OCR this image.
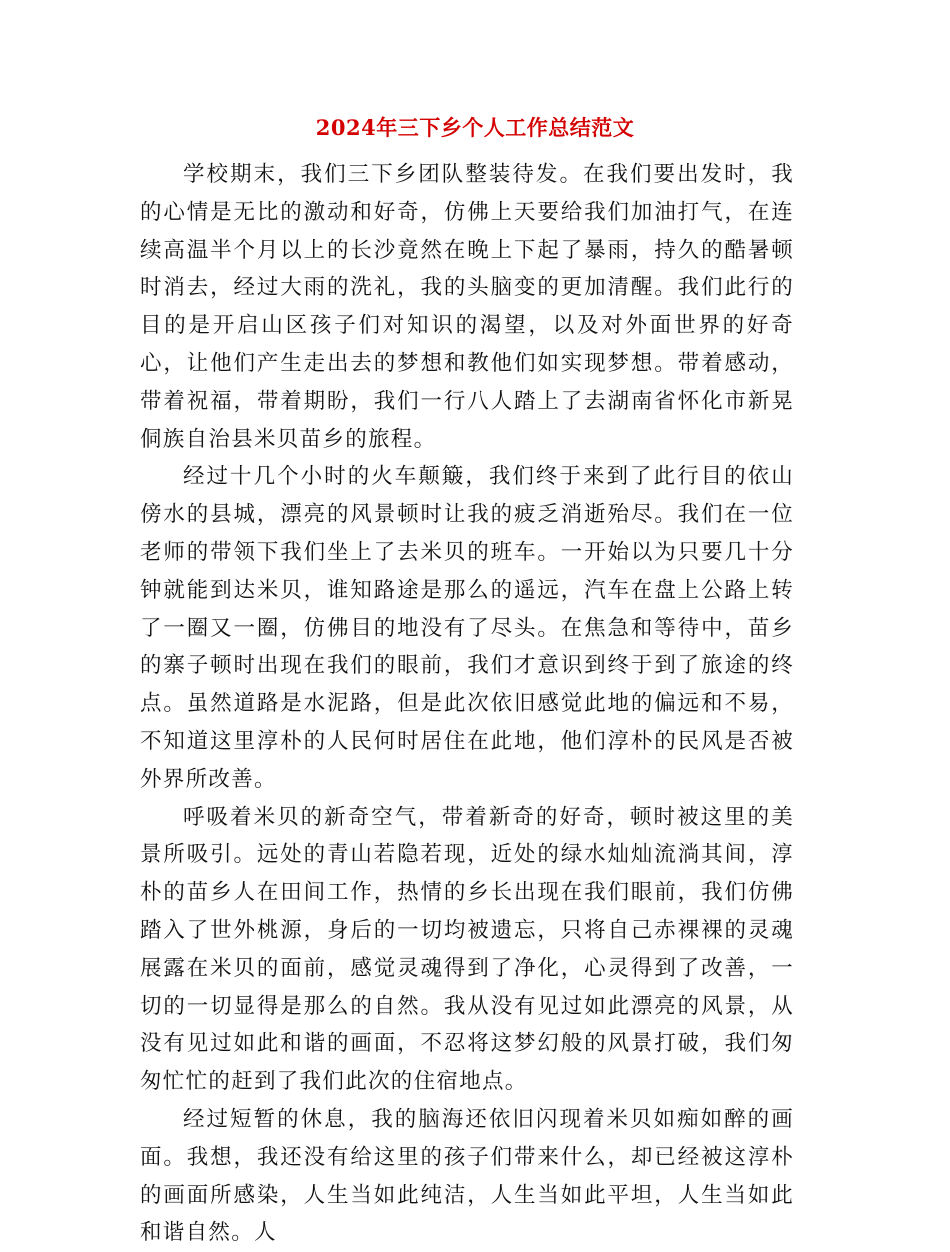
2024年三下乡个人工作总结范文

学校期末，我们三下乡团队整装待发。在我们要出发时，我的心情是无比的激动和好奇，仿佛上天要给我们加油打气，在连续高温半个月以上的长沙竟然在晚上下起了暴雨，持久的酷暑顿时消去，经过大雨的洗礼，我的头脑变的更加清醒。我们此行的目的是开启山区孩子们对知识的渴望，以及对外面世界的好奇心，让他们产生走出去的梦想和教他们如实现梦想。带着感动，带着祝福，带着期盼，我们一行八人踏上了去湖南省怀化市新晃侗族自治县米贝苗乡的旅程。

经过十几个小时的火车颠簸，我们终于来到了此行目的依山傍水的县城，漂亮的风景顿时让我的疲乏消逝殆尽。我们在一位老师的带领下我们坐上了去米贝的班车。一开始以为只要几十分钟就能到达米贝，谁知路途是那么的遥远，汽车在盘上公路上转了一圈又一圈，仿佛目的地没有了尽头。在焦急和等待中，苗乡的寨子顿时出现在我们的眼前，我们才意识到终于到了旅途的终点。虽然道路是水泥路，但是此次依旧感觉此地的偏远和不易，不知道这里淳朴的人民何时居住在此地，他们淳朴的民风是否被外界所改善。

呼吸着米贝的新奇空气，带着新奇的好奇，顿时被这里的美景所吸引。远处的青山若隐若现，近处的绿水灿灿流淌其间，淳朴的苗乡人在田间工作，热情的乡长出现在我们眼前，我们仿佛踏入了世外桃源，身后的一切均被遗忘，只将自己赤裸裸的灵魂展露在米贝的面前，感觉灵魂得到了净化，心灵得到了改善，一切的一切显得是那么的自然。我从没有见过如此漂亮的风景，从没有见过如此和谐的画面，不忍将这梦幻般的风景打破，我们匆匆忙忙的赶到了我们此次的住宿地点。

经过短暂的休息，我的脑海还依旧闪现着米贝如痴如醉的画面。我想，我还没有给这里的孩子们带来什么，却已经被这淳朴的画面所感染，人生当如此纯洁，人生当如此平坦，人生当如此和谐自然。人
